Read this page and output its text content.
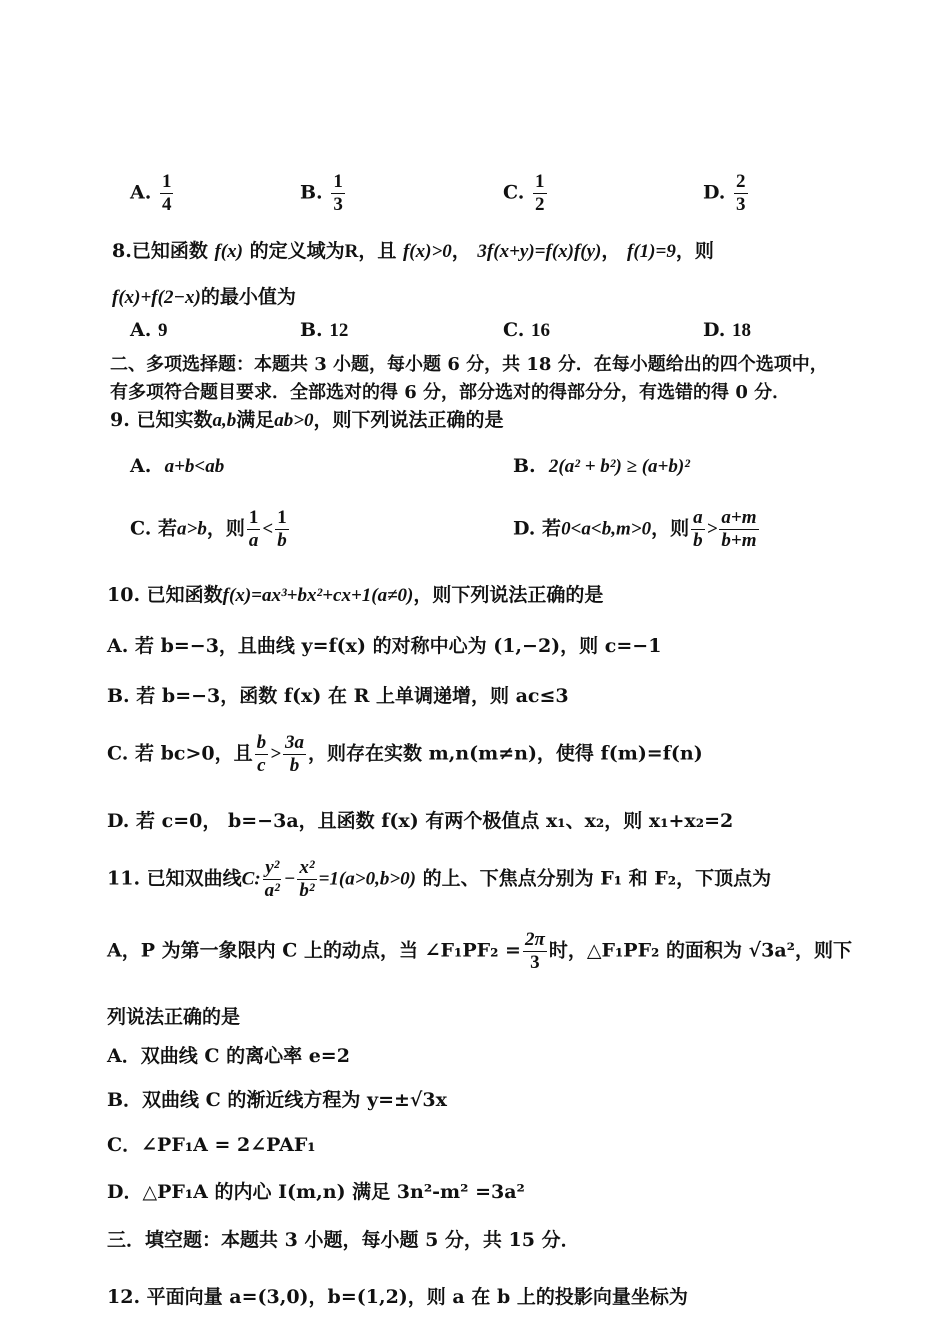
A. $\frac{1}{4}$	B. $\frac{1}{3}$	C. $\frac{1}{2}$	D. $\frac{2}{3}$
8.已知函数 f(x) 的定义域为R，且 f(x)>0， 3f(x+y)=f(x)f(y)， f(1)=9，则
f(x)+f(2−x)的最小值为
A. 9	B. 12	C. 16	D. 18
二、多项选择题：本题共 3 小题，每小题 6 分，共 18 分．在每小题给出的四个选项中，
有多项符合题目要求．全部选对的得 6 分，部分选对的得部分分，有选错的得 0 分．
9. 已知实数a,b满足ab>0，则下列说法正确的是
A. a+b<ab	B. 2(a² + b²) ≥ (a+b)²
C. 若a>b，则 $\frac{1}{a} < \frac{1}{b}$	D. 若0<a<b,m>0，则 $\frac{a}{b} > \frac{a+m}{b+m}$
10. 已知函数f(x)=ax³+bx²+cx+1(a≠0)，则下列说法正确的是
A. 若 b=−3，且曲线 y=f(x) 的对称中心为 (1,−2)，则 c=−1
B. 若 b=−3，函数 f(x) 在 R 上单调递增，则 ac≤3
C. 若 bc>0，且 $\frac{b}{c} > \frac{3a}{b}$ ，则存在实数 m,n(m≠n)，使得 f(m)=f(n)
D. 若 c=0， b=−3a，且函数 f(x) 有两个极值点 x₁、x₂，则 x₁+x₂=2
11. 已知双曲线C: $\frac{\text{y²}}{\text{a²}} - \frac{\text{x²}}{\text{b²}} =1(a>0,b>0)$ 的上、下焦点分别为 F₁ 和 F₂，下顶点为
A，P 为第一象限内 C 上的动点，当 ∠F₁PF₂ = $\frac{2\pi}{3}$ 时，△F₁PF₂ 的面积为 √3a²，则下
列说法正确的是
A．双曲线 C 的离心率 e=2
B．双曲线 C 的渐近线方程为 y=±√3x
C．∠PF₁A = 2∠PAF₁
D．△PF₁A 的内心 I(m,n) 满足 3n²-m² =3a²
三．填空题：本题共 3 小题，每小题 5 分，共 15 分．
12. 平面向量 a=(3,0)，b=(1,2)，则 a 在 b 上的投影向量坐标为
